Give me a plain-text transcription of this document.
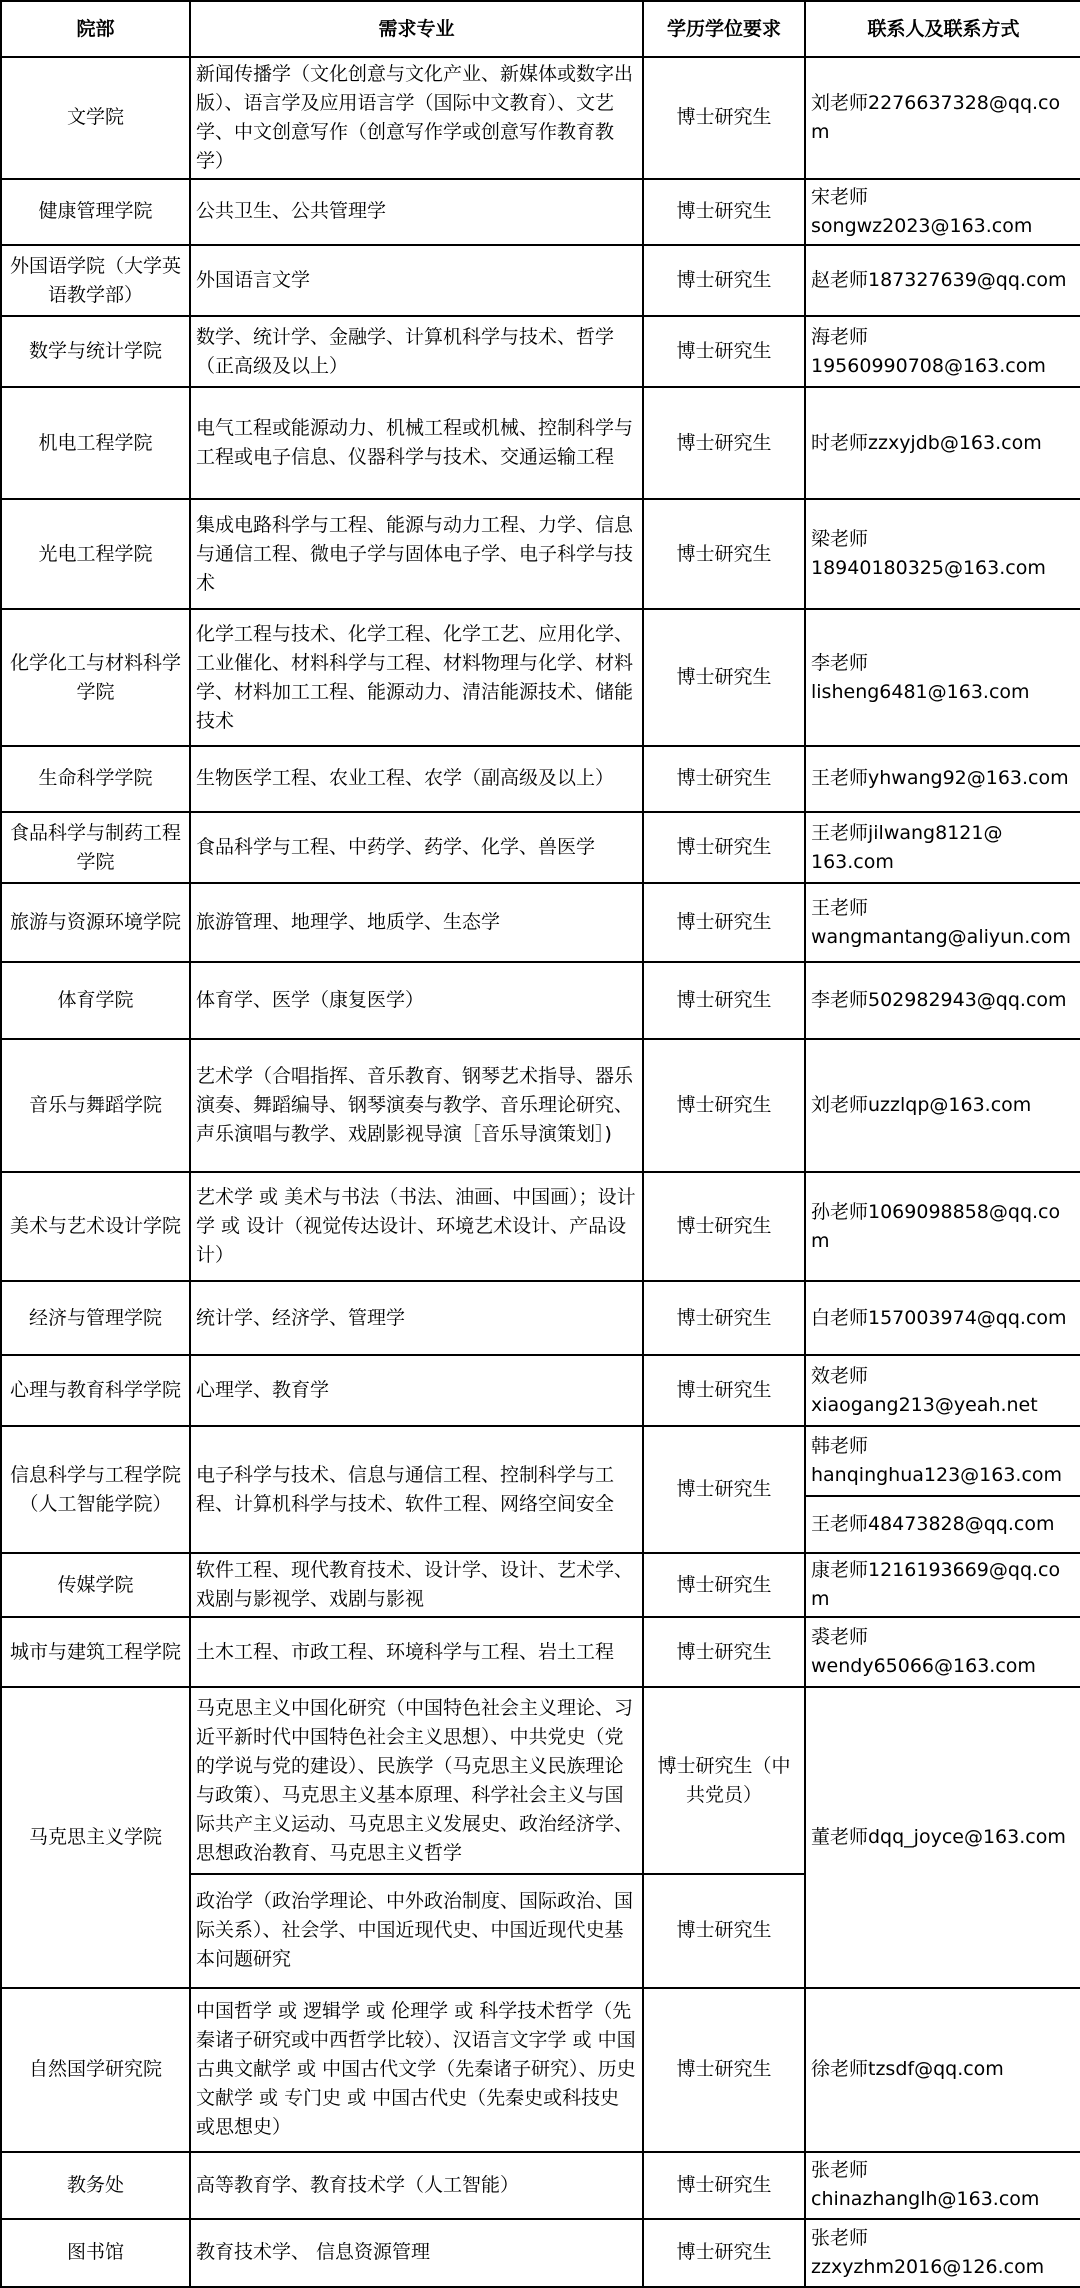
院部	需求专业	学历学位要求	联系人及联系方式
文学院	新闻传播学（文化创意与文化产业、新媒体或数字出版）、语言学及应用语言学（国际中文教育）、文艺学、中文创意写作（创意写作学或创意写作教育教学）	博士研究生	刘老师2276637328@qq.com
健康管理学院	公共卫生、公共管理学	博士研究生	宋老师
songwz2023@163.com
外国语学院（大学英语教学部）	外国语言文学	博士研究生	赵老师187327639@qq.com
数学与统计学院	数学、统计学、金融学、计算机科学与技术、哲学（正高级及以上）	博士研究生	海老师
19560990708@163.com
机电工程学院	电气工程或能源动力、机械工程或机械、控制科学与工程或电子信息、仪器科学与技术、交通运输工程	博士研究生	时老师zzxyjdb@163.com
光电工程学院	集成电路科学与工程、能源与动力工程、力学、信息与通信工程、微电子学与固体电子学、电子科学与技术	博士研究生	梁老师
18940180325@163.com
化学化工与材料科学学院	化学工程与技术、化学工程、化学工艺、应用化学、工业催化、材料科学与工程、材料物理与化学、材料学、材料加工工程、能源动力、清洁能源技术、储能技术	博士研究生	李老师
lisheng6481@163.com
生命科学学院	生物医学工程、农业工程、农学（副高级及以上）	博士研究生	王老师yhwang92@163.com
食品科学与制药工程学院	食品科学与工程、中药学、药学、化学、兽医学	博士研究生	王老师jilwang8121@
163.com
旅游与资源环境学院	旅游管理、地理学、地质学、生态学	博士研究生	王老师
wangmantang@aliyun.com
体育学院	体育学、医学（康复医学）	博士研究生	李老师502982943@qq.com
音乐与舞蹈学院	艺术学（合唱指挥、音乐教育、钢琴艺术指导、器乐演奏、舞蹈编导、钢琴演奏与教学、音乐理论研究、声乐演唱与教学、戏剧影视导演［音乐导演策划］)	博士研究生	刘老师uzzlqp@163.com
美术与艺术设计学院	艺术学 或 美术与书法（书法、油画、中国画）；设计学 或 设计（视觉传达设计、环境艺术设计、产品设计）	博士研究生	孙老师1069098858@qq.com
经济与管理学院	统计学、经济学、管理学	博士研究生	白老师157003974@qq.com
心理与教育科学学院	心理学、教育学	博士研究生	效老师
xiaogang213@yeah.net
信息科学与工程学院（人工智能学院）	电子科学与技术、信息与通信工程、控制科学与工程、计算机科学与技术、软件工程、网络空间安全	博士研究生	韩老师
hanqinghua123@163.com
			王老师48473828@qq.com
传媒学院	软件工程、现代教育技术、设计学、设计、艺术学、戏剧与影视学、戏剧与影视	博士研究生	康老师1216193669@qq.com
城市与建筑工程学院	土木工程、市政工程、环境科学与工程、岩土工程	博士研究生	裘老师
wendy65066@163.com
马克思主义学院	马克思主义中国化研究（中国特色社会主义理论、习近平新时代中国特色社会主义思想）、中共党史（党的学说与党的建设）、民族学（马克思主义民族理论与政策）、马克思主义基本原理、科学社会主义与国际共产主义运动、马克思主义发展史、政治经济学、思想政治教育、马克思主义哲学	博士研究生（中共党员）	董老师dqq_joyce@163.com
	政治学（政治学理论、中外政治制度、国际政治、国际关系）、社会学、中国近现代史、中国近现代史基本问题研究	博士研究生	
自然国学研究院	中国哲学 或 逻辑学 或 伦理学 或 科学技术哲学（先秦诸子研究或中西哲学比较）、汉语言文字学 或 中国古典文献学 或 中国古代文学（先秦诸子研究）、历史文献学 或 专门史 或 中国古代史（先秦史或科技史或思想史）	博士研究生	徐老师tzsdf@qq.com
教务处	高等教育学、教育技术学（人工智能）	博士研究生	张老师
chinazhanglh@163.com
图书馆	教育技术学、 信息资源管理	博士研究生	张老师
zzxyzhm2016@126.com
